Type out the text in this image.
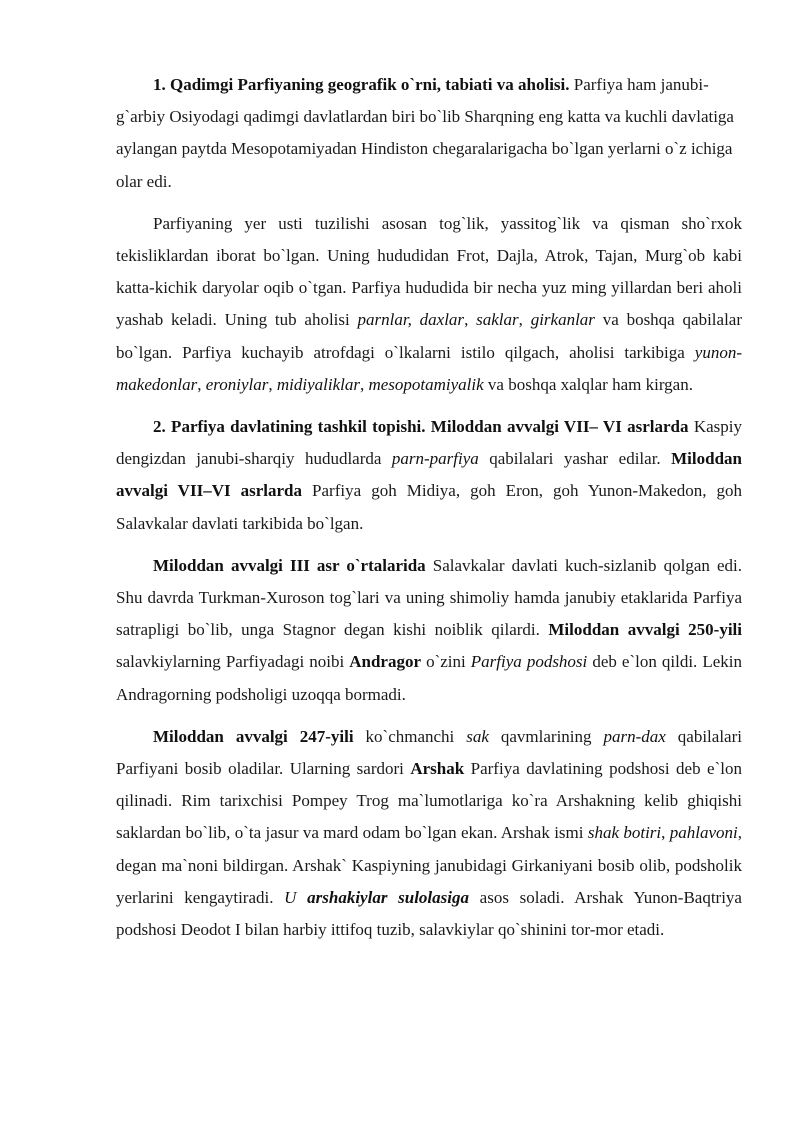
1. Qadimgi Parfiyaning geografik o`rni, tabiati va aholisi. Parfiya ham janubi-g`arbiy Osiyodagi qadimgi davlatlardan biri bo`lib Sharqning eng katta va kuchli davlatiga aylangan paytda Mesopotamiyadan Hindiston chegaralarigacha bo`lgan yerlarni o`z ichiga olar edi.

Parfiyaning yer usti tuzilishi asosan tog`lik, yassitog`lik va qisman sho`rxok tekisliklardan iborat bo`lgan. Uning hududidan Frot, Dajla, Atrok, Tajan, Murg`ob kabi katta-kichik daryolar oqib o`tgan. Parfiya hududida bir necha yuz ming yillardan beri aholi yashab keladi. Uning tub aholisi parnlar, daxlar, saklar, girkanlar va boshqa qabilalar bo`lgan. Parfiya kuchayib atrofdagi o`lkalarni istilo qilgach, aholisi tarkibiga yunon-makedonlar, eroniylar, midiyaliklar, mesopotamiyalik va boshqa xalqlar ham kirgan.

2. Parfiya davlatining tashkil topishi. Miloddan avvalgi VII– VI asrlarda Kaspiy dengizdan janubi-sharqiy hududlarda parn-parfiya qabilalari yashar edilar. Miloddan avvalgi VII–VI asrlarda Parfiya goh Midiya, goh Eron, goh Yunon-Makedon, goh Salavkalar davlati tarkibida bo`lgan.

Miloddan avvalgi III asr o`rtalarida Salavkalar davlati kuch-sizlanib qolgan edi. Shu davrda Turkman-Xuroson tog`lari va uning shimoliy hamda janubiy etaklarida Parfiya satrapligi bo`lib, unga Stagnor degan kishi noiblik qilardi. Miloddan avvalgi 250-yili salavkiylarning Parfiyadagi noibi Andragor o`zini Parfiya podshosi deb e`lon qildi. Lekin Andragorning podsholigi uzoqqa bormadi.

Miloddan avvalgi 247-yili ko`chmanchi sak qavmlarining parn-dax qabilalari Parfiyani bosib oladilar. Ularning sardori Arshak Parfiya davlatining podshosi deb e`lon qilinadi. Rim tarixchisi Pompey Trog ma`lumotlariga ko`ra Arshakning kelib ghiqishi saklardan bo`lib, o`ta jasur va mard odam bo`lgan ekan. Arshak ismi shak botiri, pahlavoni, degan ma`noni bildirgan. Arshak` Kaspiyning janubidagi Girkaniyani bosib olib, podsholik yerlarini kengaytiradi. U arshakiylar sulolasiga asos soladi. Arshak Yunon-Baqtriya podshosi Deodot I bilan harbiy ittifoq tuzib, salavkiylar qo`shinini tor-mor etadi.
